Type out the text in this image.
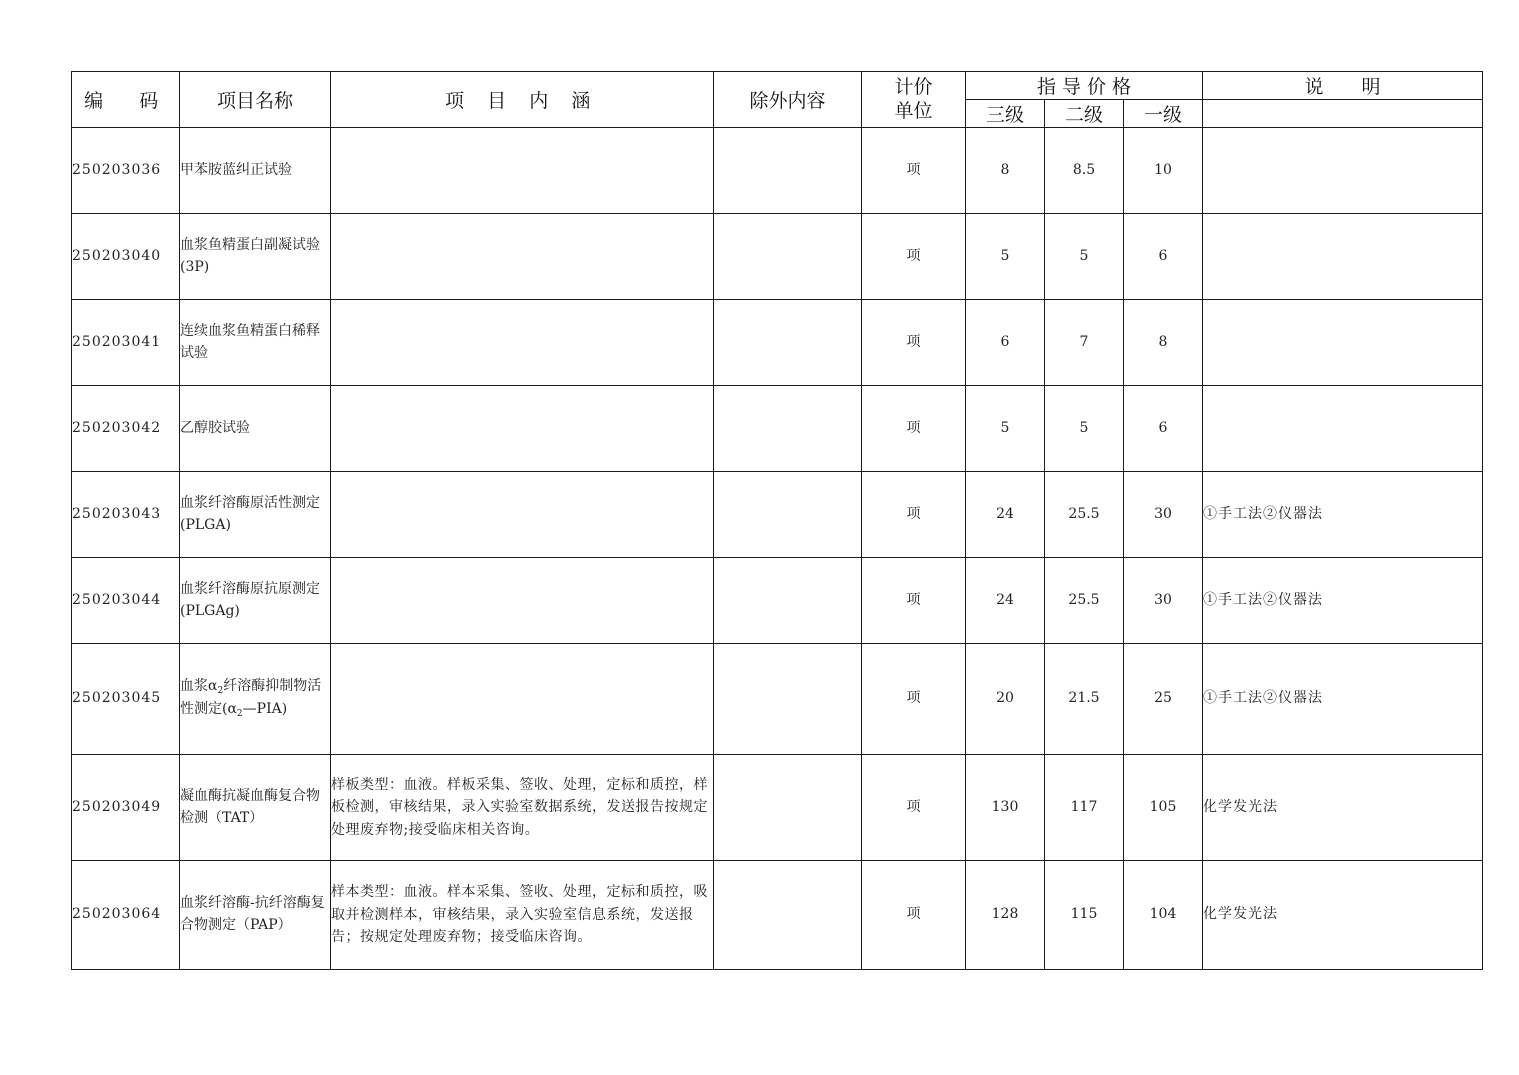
编　码	项目名称	项 目 内 涵	除外内容	计价单位	指 导 价 格			说　　明
					三级	二级	一级	
250203036	甲苯胺蓝纠正试验			项	8	8.5	10	
250203040	血浆鱼精蛋白副凝试验(3P)			项	5	5	6	
250203041	连续血浆鱼精蛋白稀释试验			项	6	7	8	
250203042	乙醇胶试验			项	5	5	6	
250203043	血浆纤溶酶原活性测定(PLGA)			项	24	25.5	30	①手工法②仪器法
250203044	血浆纤溶酶原抗原测定(PLGAg)			项	24	25.5	30	①手工法②仪器法
250203045	血浆$\alpha_2$纤溶酶抑制物活性测定$(\alpha_2—PIA)$			项	20	21.5	25	①手工法②仪器法
250203049	凝血酶抗凝血酶复合物检测（TAT）	样板类型：血液。样板采集、签收、处理，定标和质控，样板检测，审核结果，录入实验室数据系统，发送报告按规定处理废弃物;接受临床相关咨询。		项	130	117	105	化学发光法
250203064	血浆纤溶酶-抗纤溶酶复合物测定（PAP）	样本类型：血液。样本采集、签收、处理，定标和质控，吸取并检测样本，审核结果，录入实验室信息系统，发送报告；按规定处理废弃物；接受临床咨询。		项	128	115	104	化学发光法
